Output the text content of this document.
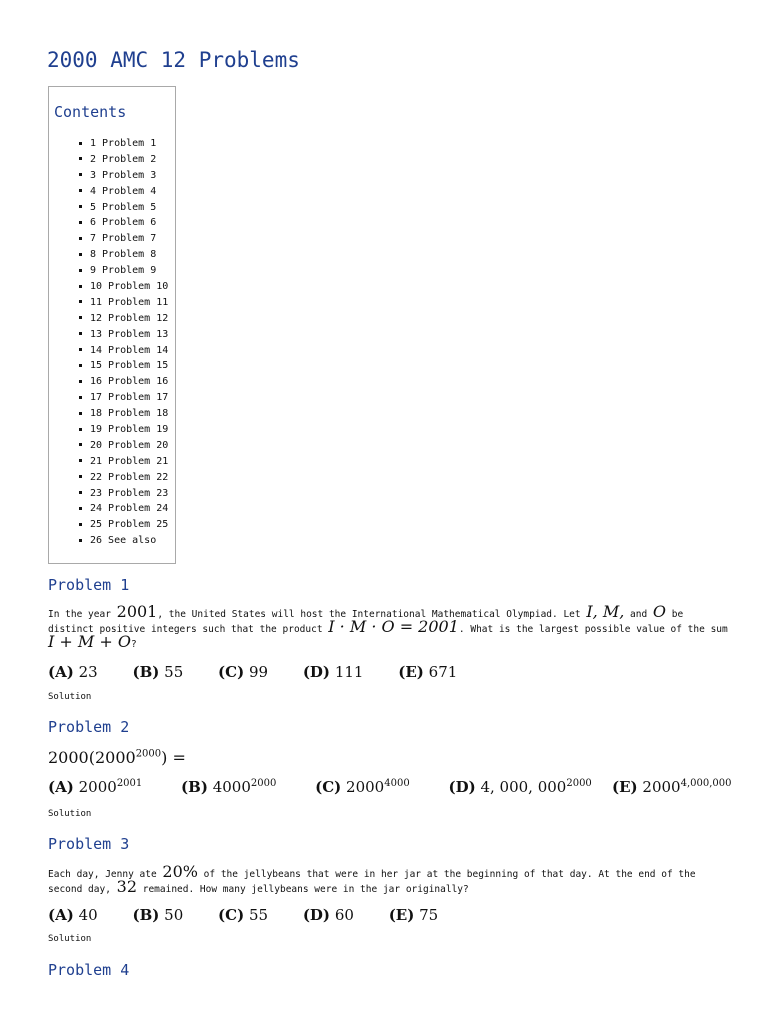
2000 AMC 12 Problems
Contents
1 Problem 1
2 Problem 2
3 Problem 3
4 Problem 4
5 Problem 5
6 Problem 6
7 Problem 7
8 Problem 8
9 Problem 9
10 Problem 10
11 Problem 11
12 Problem 12
13 Problem 13
14 Problem 14
15 Problem 15
16 Problem 16
17 Problem 17
18 Problem 18
19 Problem 19
20 Problem 20
21 Problem 21
22 Problem 22
23 Problem 23
24 Problem 24
25 Problem 25
26 See also
Problem 1
In the year 2001, the United States will host the International Mathematical Olympiad. Let I, M, and O be distinct positive integers such that the product I · M · O = 2001. What is the largest possible value of the sum I + M + O?
(A) 23 (B) 55 (C) 99 (D) 111 (E) 671
Solution
Problem 2
$2000(2000^{2000})$ =
(A) $2000^{2001}$	(B) $4000^{2000}$	(C) $2000^{4000}$	(D) 4, 000, $000^{2000}$	(E) 2000$^{4,000,000}$
Solution
Problem 3
Each day, Jenny ate 20% of the jellybeans that were in her jar at the beginning of that day. At the end of the second day, 32 remained. How many jellybeans were in the jar originally?
(A) 40 (B) 50 (C) 55 (D) 60 (E) 75
Solution
Problem 4
